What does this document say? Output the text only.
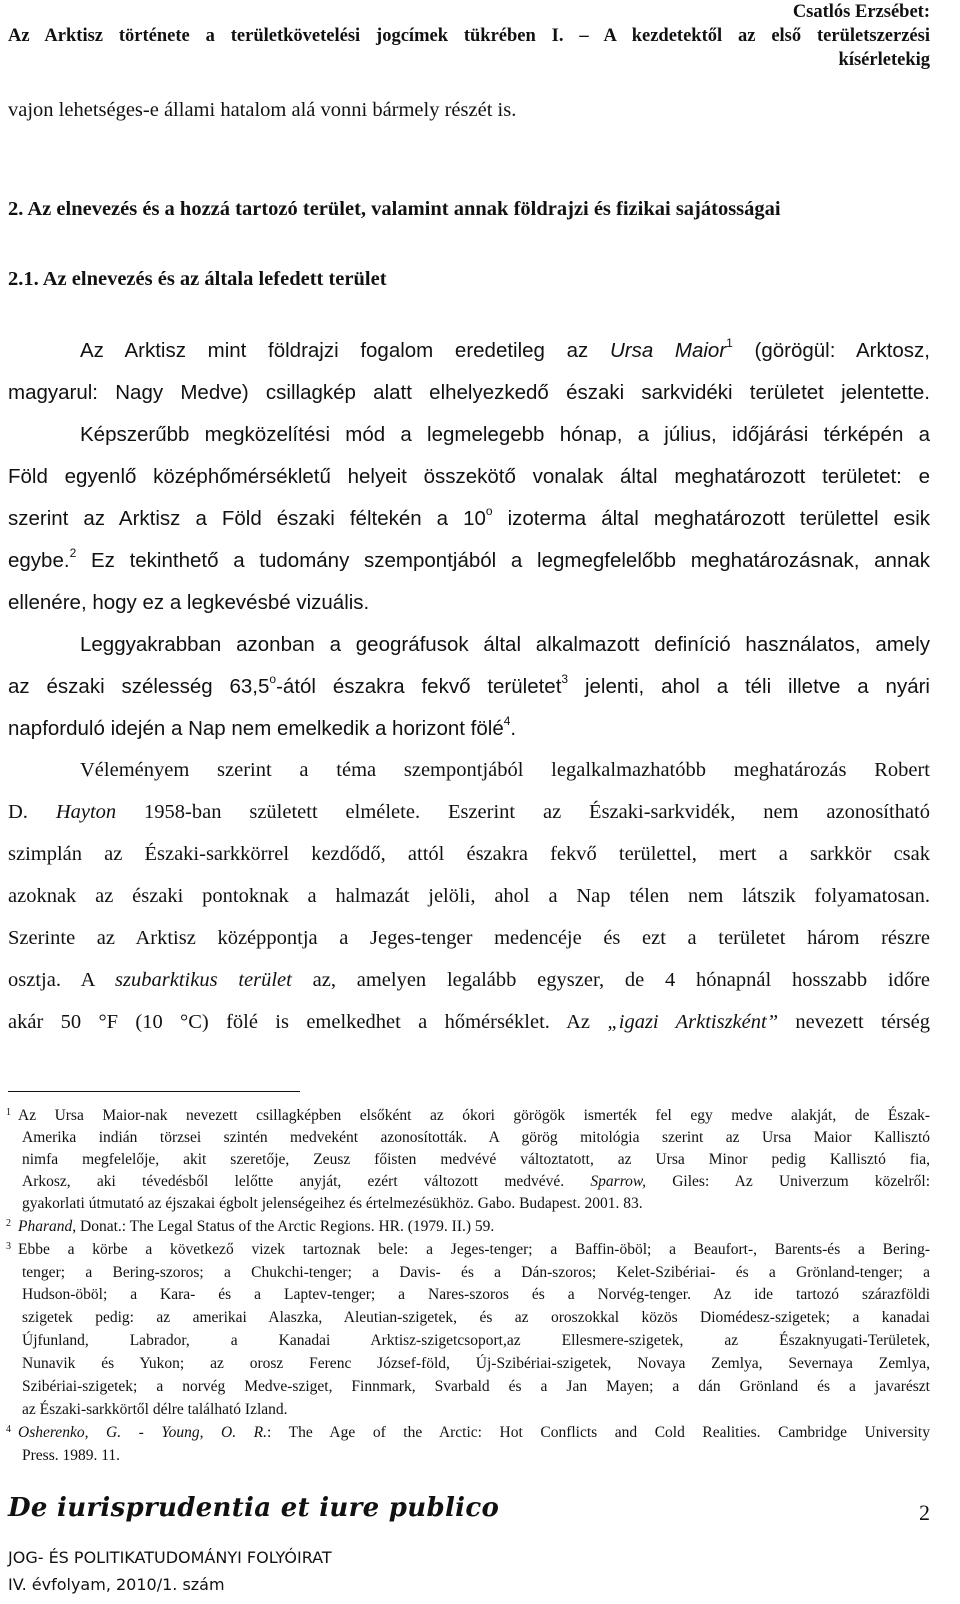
Csatlós Erzsébet:
Az Arktisz története a területkövetelési jogcímek tükrében I. – A kezdetektől az első területszerzési
kísérletekig
vajon lehetséges-e állami hatalom alá vonni bármely részét is.
2. Az elnevezés és a hozzá tartozó terület, valamint annak földrajzi és fizikai sajátosságai
2.1. Az elnevezés és az általa lefedett terület
Az Arktisz mint földrajzi fogalom eredetileg az Ursa Maior$^1$ (görögül: Arktosz,
magyarul: Nagy Medve) csillagkép alatt elhelyezkedő északi sarkvidéki területet jelentette.
Képszerűbb megközelítési mód a legmelegebb hónap, a július, időjárási térképén a
Föld egyenlő középhőmérsékletű helyeit összekötő vonalak által meghatározott területet: e
szerint az Arktisz a Föld északi féltekén a 10$^o$ izoterma által meghatározott területtel esik
egybe.$^2$ Ez tekinthető a tudomány szempontjából a legmegfelelőbb meghatározásnak, annak
ellenére, hogy ez a legkevésbé vizuális.
Leggyakrabban azonban a geográfusok által alkalmazott definíció használatos, amely
az északi szélesség 63,5$^o$-ától északra fekvő területet$^3$ jelenti, ahol a téli illetve a nyári
napforduló idején a Nap nem emelkedik a horizont fölé$^4$.
Véleményem szerint a téma szempontjából legalkalmazhatóbb meghatározás Robert
D. Hayton 1958-ban született elmélete. Eszerint az Északi-sarkvidék, nem azonosítható
szimplán az Északi-sarkkörrel kezdődő, attól északra fekvő területtel, mert a sarkkör csak
azoknak az északi pontoknak a halmazát jelöli, ahol a Nap télen nem látszik folyamatosan.
Szerinte az Arktisz középpontja a Jeges-tenger medencéje és ezt a területet három részre
osztja. A szubarktikus terület az, amelyen legalább egyszer, de 4 hónapnál hosszabb időre
akár 50 °F (10 °C) fölé is emelkedhet a hőmérséklet. Az „igazi Arktiszként” nevezett térség
1 Az Ursa Maior-nak nevezett csillagképben elsőként az ókori görögök ismerték fel egy medve alakját, de Észak-
Amerika indián törzsei szintén medveként azonosították. A görög mitológia szerint az Ursa Maior Kallisztó
nimfa megfelelője, akit szeretője, Zeusz főisten medvévé változtatott, az Ursa Minor pedig Kallisztó fia,
Arkosz, aki tévedésből lelőtte anyját, ezért változott medvévé. Sparrow, Giles: Az Univerzum közelről:
gyakorlati útmutató az éjszakai égbolt jelenségeihez és értelmezésükhöz. Gabo. Budapest. 2001. 83.
2 Pharand, Donat.: The Legal Status of the Arctic Regions. HR. (1979. II.) 59.
3 Ebbe a körbe a következő vizek tartoznak bele: a Jeges-tenger; a Baffin-öböl; a Beaufort-, Barents-és a Bering-
tenger; a Bering-szoros; a Chukchi-tenger; a Davis- és a Dán-szoros; Kelet-Szibériai- és a Grönland-tenger; a
Hudson-öböl; a Kara- és a Laptev-tenger; a Nares-szoros és a Norvég-tenger. Az ide tartozó szárazföldi
szigetek pedig: az amerikai Alaszka, Aleutian-szigetek, és az oroszokkal közös Diomédesz-szigetek; a kanadai
Újfunland, Labrador, a Kanadai Arktisz-szigetcsoport,az Ellesmere-szigetek, az Északnyugati-Területek,
Nunavik és Yukon; az orosz Ferenc József-föld, Új-Szibériai-szigetek, Novaya Zemlya, Severnaya Zemlya,
Szibériai-szigetek; a norvég Medve-sziget, Finnmark, Svarbald és a Jan Mayen; a dán Grönland és a javarészt
az Északi-sarkkörtől délre található Izland.
4 Osherenko, G. - Young, O. R.: The Age of the Arctic: Hot Conflicts and Cold Realities. Cambridge University
Press. 1989. 11.
De iurisprudentia et iure publico
JOG- ÉS POLITIKATUDOMÁNYI FOLYÓIRAT
IV. évfolyam, 2010/1. szám
2
